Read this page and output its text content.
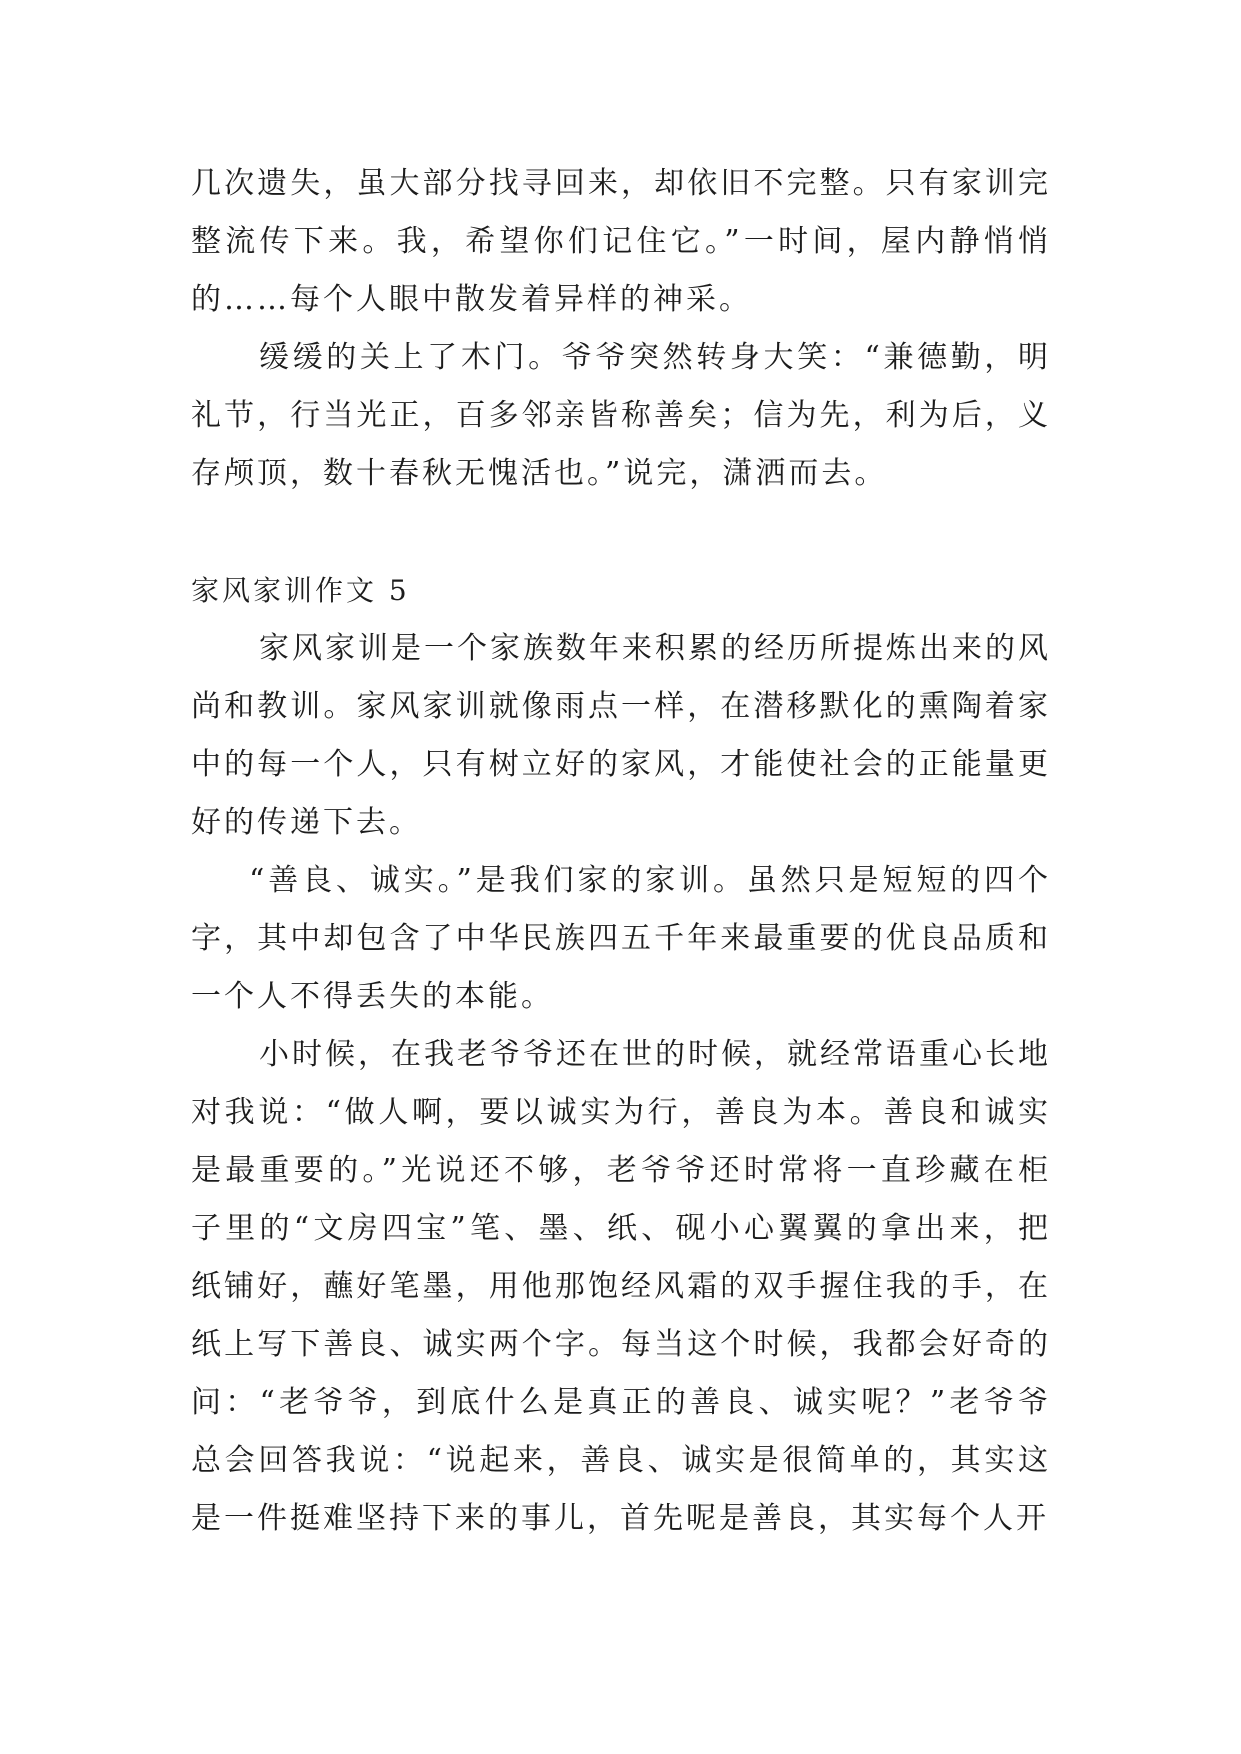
几次遗失，虽大部分找寻回来，却依旧不完整。只有家训完整流传下来。我，希望你们记住它。”一时间，屋内静悄悄的……每个人眼中散发着异样的神采。

缓缓的关上了木门。爷爷突然转身大笑：“兼德勤，明礼节，行当光正，百多邻亲皆称善矣；信为先，利为后，义存颅顶，数十春秋无愧活也。”说完，潇洒而去。

家风家训作文 5

家风家训是一个家族数年来积累的经历所提炼出来的风尚和教训。家风家训就像雨点一样，在潜移默化的熏陶着家中的每一个人，只有树立好的家风，才能使社会的正能量更好的传递下去。

“善良、诚实。”是我们家的家训。虽然只是短短的四个字，其中却包含了中华民族四五千年来最重要的优良品质和一个人不得丢失的本能。

小时候，在我老爷爷还在世的时候，就经常语重心长地对我说：“做人啊，要以诚实为行，善良为本。善良和诚实是最重要的。”光说还不够，老爷爷还时常将一直珍藏在柜子里的“文房四宝”笔、墨、纸、砚小心翼翼的拿出来，把纸铺好，蘸好笔墨，用他那饱经风霜的双手握住我的手，在纸上写下善良、诚实两个字。每当这个时候，我都会好奇的问：“老爷爷，到底什么是真正的善良、诚实呢？”老爷爷总会回答我说：“说起来，善良、诚实是很简单的，其实这是一件挺难坚持下来的事儿，首先呢是善良，其实每个人开
